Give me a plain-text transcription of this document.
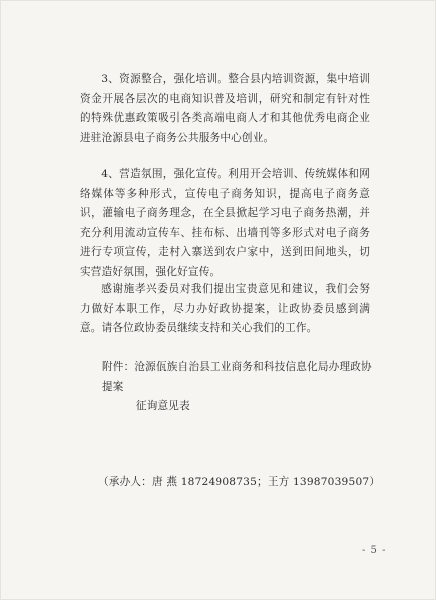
3、资源整合，强化培训。整合县内培训资源，集中培训资金开展各层次的电商知识普及培训，研究和制定有针对性的特殊优惠政策吸引各类高端电商人才和其他优秀电商企业进驻沧源县电子商务公共服务中心创业。

4、营造氛围，强化宣传。利用开会培训、传统媒体和网络媒体等多种形式，宣传电子商务知识，提高电子商务意识，灌输电子商务理念，在全县掀起学习电子商务热潮，并充分利用流动宣传车、挂布标、出墙刊等多形式对电子商务进行专项宣传，走村入寨送到农户家中，送到田间地头，切实营造好氛围，强化好宣传。

感谢施孝兴委员对我们提出宝贵意见和建议，我们会努力做好本职工作，尽力办好政协提案，让政协委员感到满意。请各位政协委员继续支持和关心我们的工作。

附件：沧源佤族自治县工业商务和科技信息化局办理政协提案
征询意见表

（承办人：唐 燕 18724908735；王方 13987039507）
- 5 -
